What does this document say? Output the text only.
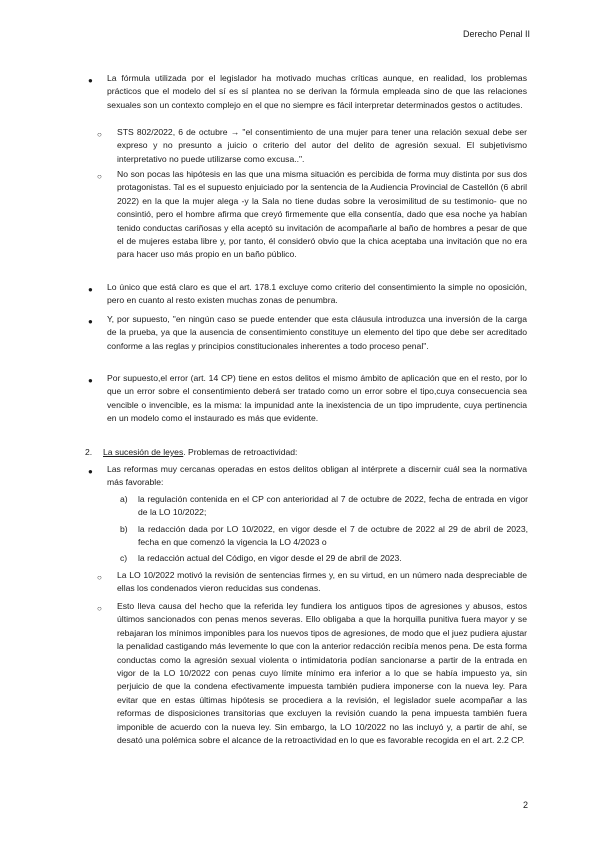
Derecho Penal II
● La fórmula utilizada por el legislador ha motivado muchas críticas aunque, en realidad, los problemas prácticos que el modelo del sí es sí plantea no se derivan la fórmula empleada sino de que las relaciones sexuales son un contexto complejo en el que no siempre es fácil interpretar determinados gestos o actitudes.
○ STS 802/2022, 6 de octubre → "el consentimiento de una mujer para tener una relación sexual debe ser expreso y no presunto a juicio o criterio del autor del delito de agresión sexual. El subjetivismo interpretativo no puede utilizarse como excusa..".
○ No son pocas las hipótesis en las que una misma situación es percibida de forma muy distinta por sus dos protagonistas. Tal es el supuesto enjuiciado por la sentencia de la Audiencia Provincial de Castellón (6 abril 2022) en la que la mujer alega -y la Sala no tiene dudas sobre la verosimilitud de su testimonio- que no consintió, pero el hombre afirma que creyó firmemente que ella consentía, dado que esa noche ya habían tenido conductas cariñosas y ella aceptó su invitación de acompañarle al baño de hombres a pesar de que el de mujeres estaba libre y, por tanto, él consideró obvio que la chica aceptaba una invitación que no era para hacer uso más propio en un baño público.
● Lo único que está claro es que el art. 178.1 excluye como criterio del consentimiento la simple no oposición, pero en cuanto al resto existen muchas zonas de penumbra.
● Y, por supuesto, "en ningún caso se puede entender que esta cláusula introduzca una inversión de la carga de la prueba, ya que la ausencia de consentimiento constituye un elemento del tipo que debe ser acreditado conforme a las reglas y principios constitucionales inherentes a todo proceso penal".
● Por supuesto,el error (art. 14 CP) tiene en estos delitos el mismo ámbito de aplicación que en el resto, por lo que un error sobre el consentimiento deberá ser tratado como un error sobre el tipo,cuya consecuencia sea vencible o invencible, es la misma: la impunidad ante la inexistencia de un tipo imprudente, cuya pertinencia en un modelo como el instaurado es más que evidente.
2. La sucesión de leyes. Problemas de retroactividad:
● Las reformas muy cercanas operadas en estos delitos obligan al intérprete a discernir cuál sea la normativa más favorable:
a) la regulación contenida en el CP con anterioridad al 7 de octubre de 2022, fecha de entrada en vigor de la LO 10/2022;
b) la redacción dada por LO 10/2022, en vigor desde el 7 de octubre de 2022 al 29 de abril de 2023, fecha en que comenzó la vigencia la LO 4/2023 o
c) la redacción actual del Código, en vigor desde el 29 de abril de 2023.
○ La LO 10/2022 motivó la revisión de sentencias firmes y, en su virtud, en un número nada despreciable de ellas los condenados vieron reducidas sus condenas.
○ Esto lleva causa del hecho que la referida ley fundiera los antiguos tipos de agresiones y abusos, estos últimos sancionados con penas menos severas. Ello obligaba a que la horquilla punitiva fuera mayor y se rebajaran los mínimos imponibles para los nuevos tipos de agresiones, de modo que el juez pudiera ajustar la penalidad castigando más levemente lo que con la anterior redacción recibía menos pena. De esta forma conductas como la agresión sexual violenta o intimidatoria podían sancionarse a partir de la entrada en vigor de la LO 10/2022 con penas cuyo límite mínimo era inferior a lo que se había impuesto ya, sin perjuicio de que la condena efectivamente impuesta también pudiera imponerse con la nueva ley. Para evitar que en estas últimas hipótesis se procediera a la revisión, el legislador suele acompañar a las reformas de disposiciones transitorias que excluyen la revisión cuando la pena impuesta también fuera imponible de acuerdo con la nueva ley. Sin embargo, la LO 10/2022 no las incluyó y, a partir de ahí, se desató una polémica sobre el alcance de la retroactividad en lo que es favorable recogida en el art. 2.2 CP.
2
